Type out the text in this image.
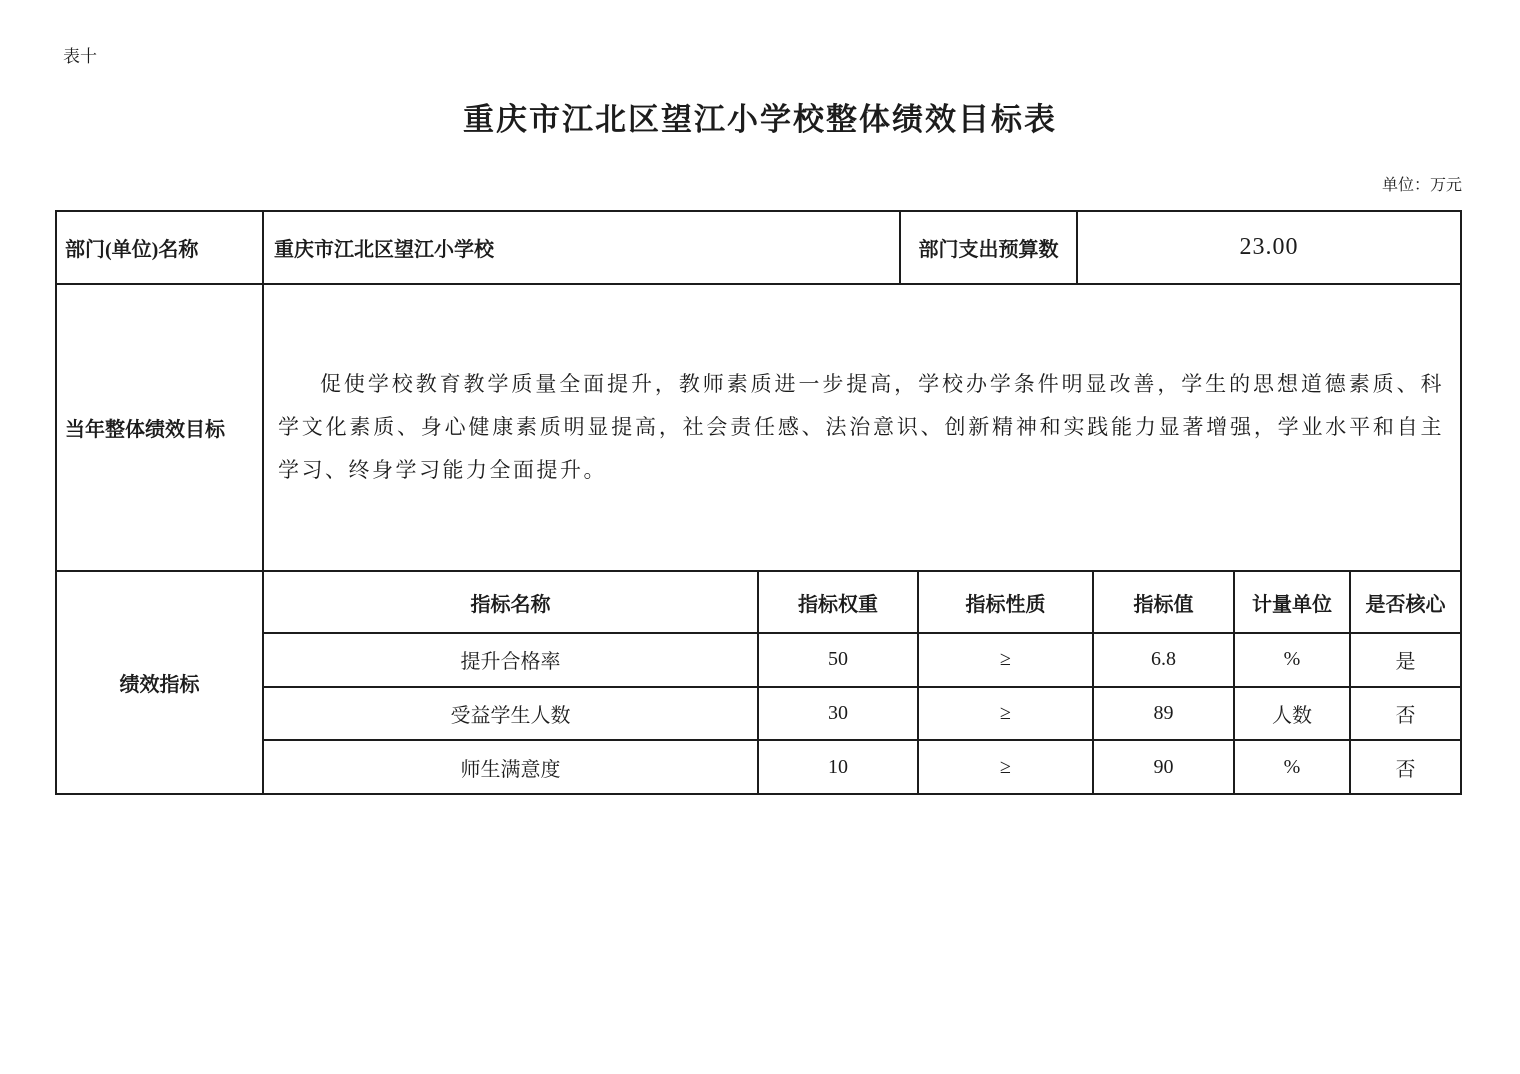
表十
重庆市江北区望江小学校整体绩效目标表
单位：万元
部门(单位)名称	重庆市江北区望江小学校	部门支出预算数	23.00
当年整体绩效目标
促使学校教育教学质量全面提升，教师素质进一步提高，学校办学条件明显改善，学生的思想道德素质、科学文化素质、身心健康素质明显提高，社会责任感、法治意识、创新精神和实践能力显著增强，学业水平和自主学习、终身学习能力全面提升。
绩效指标
指标名称	指标权重	指标性质	指标值	计量单位	是否核心
提升合格率	50	≥	6.8	%	是
受益学生人数	30	≥	89	人数	否
师生满意度	10	≥	90	%	否
